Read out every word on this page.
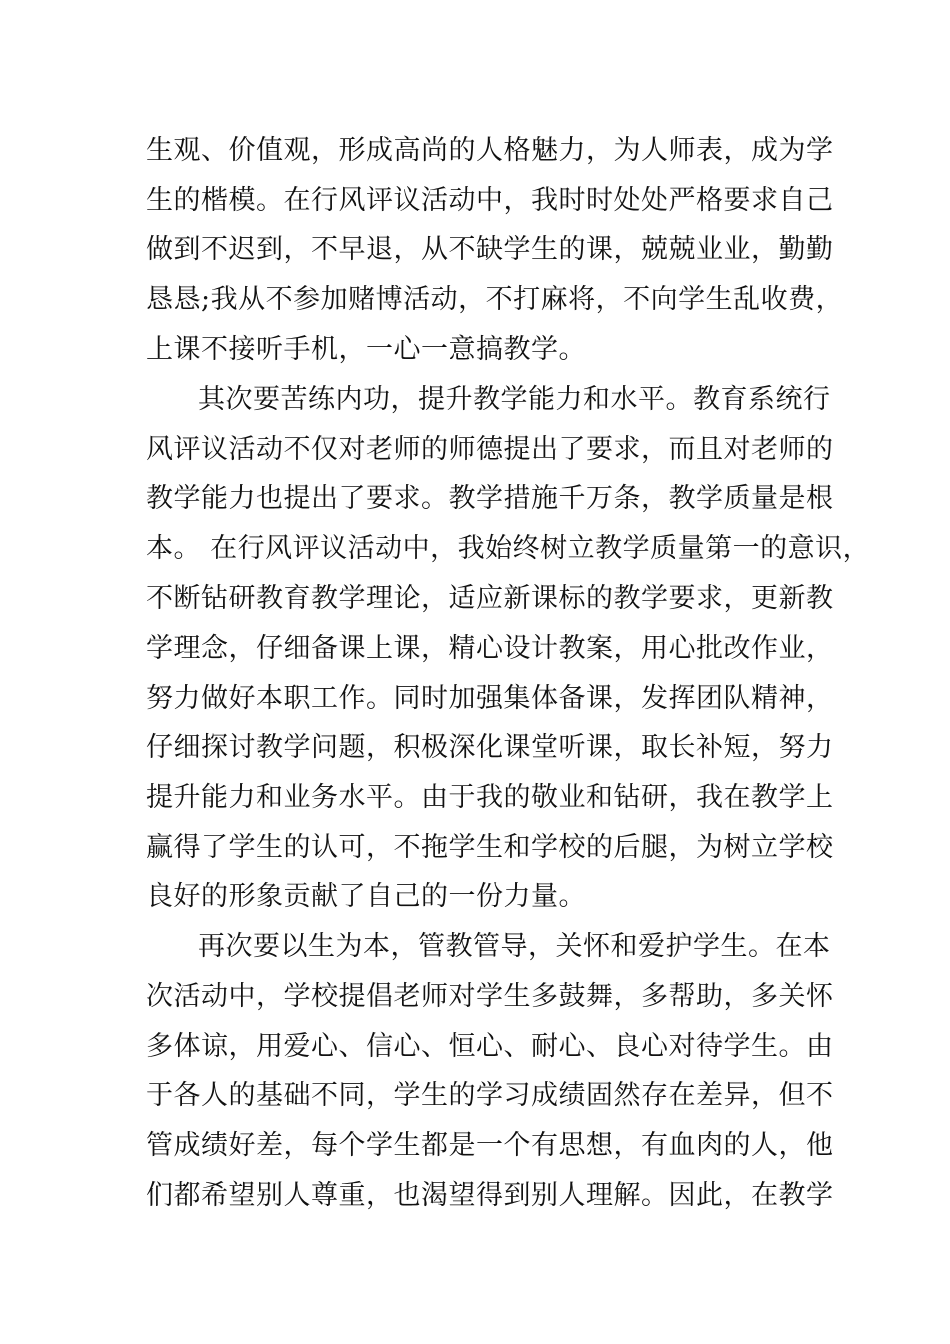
生观、价值观，形成高尚的人格魅力，为人师表，成为学
生的楷模。在行风评议活动中，我时时处处严格要求自己
做到不迟到，不早退，从不缺学生的课，兢兢业业，勤勤
恳恳;我从不参加赌博活动，不打麻将，不向学生乱收费，
上课不接听手机，一心一意搞教学。
其次要苦练内功，提升教学能力和水平。教育系统行
风评议活动不仅对老师的师德提出了要求，而且对老师的
教学能力也提出了要求。教学措施千万条，教学质量是根
本。 在行风评议活动中，我始终树立教学质量第一的意识，
不断钻研教育教学理论，适应新课标的教学要求，更新教
学理念，仔细备课上课，精心设计教案，用心批改作业，
努力做好本职工作。同时加强集体备课，发挥团队精神，
仔细探讨教学问题，积极深化课堂听课，取长补短，努力
提升能力和业务水平。由于我的敬业和钻研，我在教学上
赢得了学生的认可，不拖学生和学校的后腿，为树立学校
良好的形象贡献了自己的一份力量。
再次要以生为本，管教管导，关怀和爱护学生。在本
次活动中，学校提倡老师对学生多鼓舞，多帮助，多关怀
多体谅，用爱心、信心、恒心、耐心、良心对待学生。由
于各人的基础不同，学生的学习成绩固然存在差异，但不
管成绩好差，每个学生都是一个有思想，有血肉的人，他
们都希望别人尊重，也渴望得到别人理解。因此，在教学
